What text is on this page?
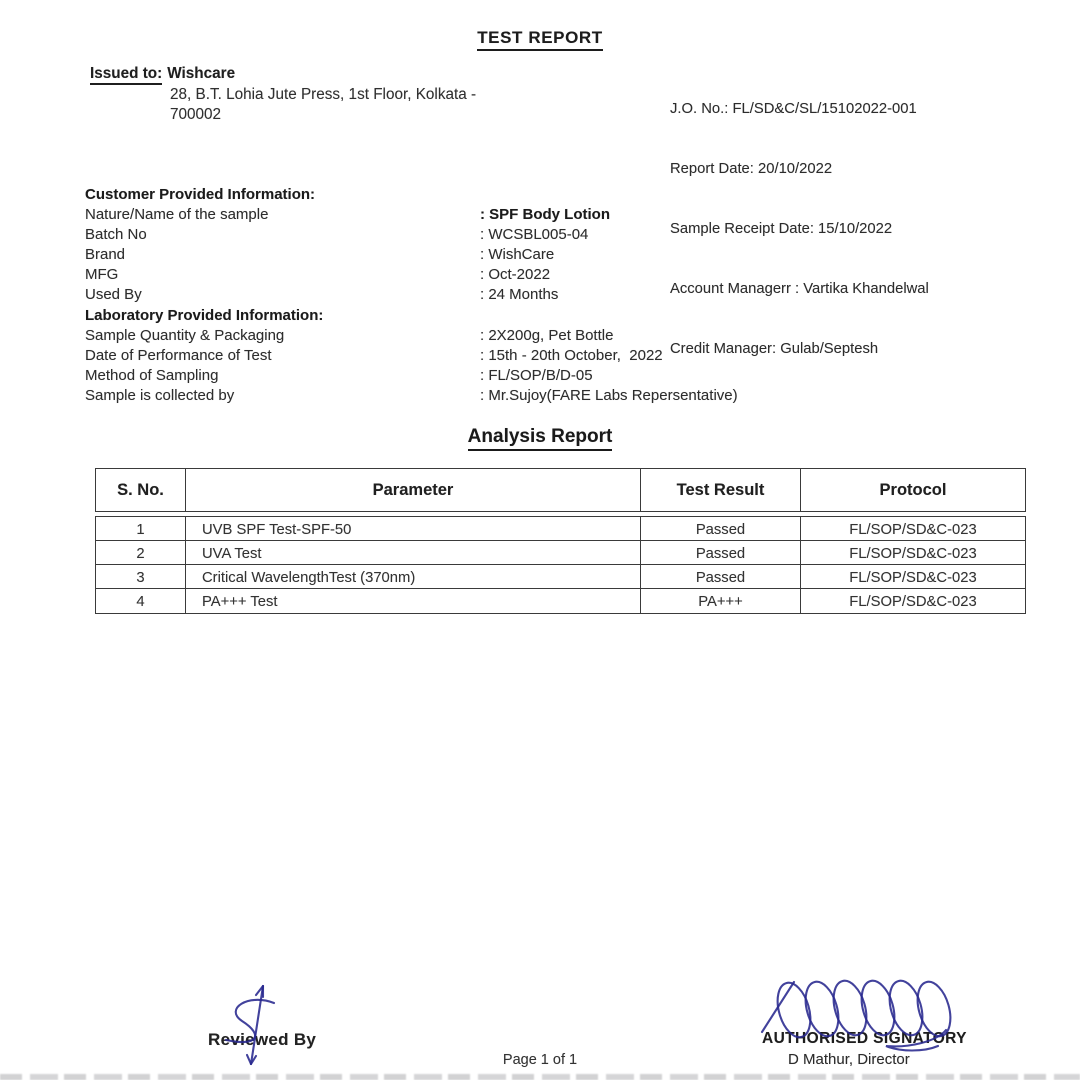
TEST REPORT
Issued to: Wishcare
28, B.T. Lohia Jute Press, 1st Floor, Kolkata -
700002

	J.O. No.: FL/SD&C/SL/15102022-001

Report Date: 20/10/2022

Sample Receipt Date: 15/10/2022

Account Managerr : Vartika Khandelwal

Credit Manager: Gulab/Septesh

Customer Provided Information:
Nature/Name of the sample	: SPF Body Lotion
Batch No	: WCSBL005-04
Brand	: WishCare
MFG	: Oct-2022
Used By	: 24 Months
Laboratory Provided Information:
Sample Quantity & Packaging	: 2X200g, Pet Bottle
Date of Performance of Test	: 15th - 20th October,  2022
Method of Sampling	: FL/SOP/B/D-05
Sample is collected by	: Mr.Sujoy(FARE Labs Repersentative)
Analysis Report
S. No.	Parameter	Test Result	Protocol
1	UVB SPF Test-SPF-50	Passed	FL/SOP/SD&C-023
2	UVA Test	Passed	FL/SOP/SD&C-023
3	Critical WavelengthTest (370nm)	Passed	FL/SOP/SD&C-023
4	PA+++ Test	PA+++	FL/SOP/SD&C-023
Reviewed By
Page 1 of 1
AUTHORISED SIGNATORY
D Mathur, Director
